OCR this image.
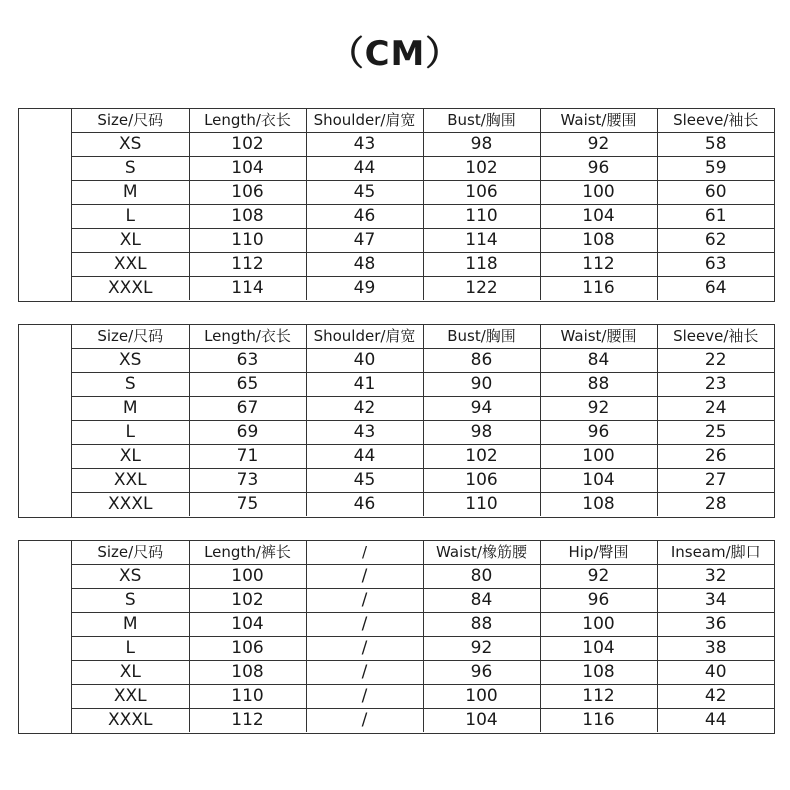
（CM）
Size/尺码	Length/衣长	Shoulder/肩宽	Bust/胸围	Waist/腰围	Sleeve/袖长
XS	102	43	98	92	58
S	104	44	102	96	59
M	106	45	106	100	60
L	108	46	110	104	61
XL	110	47	114	108	62
XXL	112	48	118	112	63
XXXL	114	49	122	116	64
Size/尺码	Length/衣长	Shoulder/肩宽	Bust/胸围	Waist/腰围	Sleeve/袖长
XS	63	40	86	84	22
S	65	41	90	88	23
M	67	42	94	92	24
L	69	43	98	96	25
XL	71	44	102	100	26
XXL	73	45	106	104	27
XXXL	75	46	110	108	28
Size/尺码	Length/裤长	/	Waist/橡筋腰	Hip/臀围	Inseam/脚口
XS	100	/	80	92	32
S	102	/	84	96	34
M	104	/	88	100	36
L	106	/	92	104	38
XL	108	/	96	108	40
XXL	110	/	100	112	42
XXXL	112	/	104	116	44
